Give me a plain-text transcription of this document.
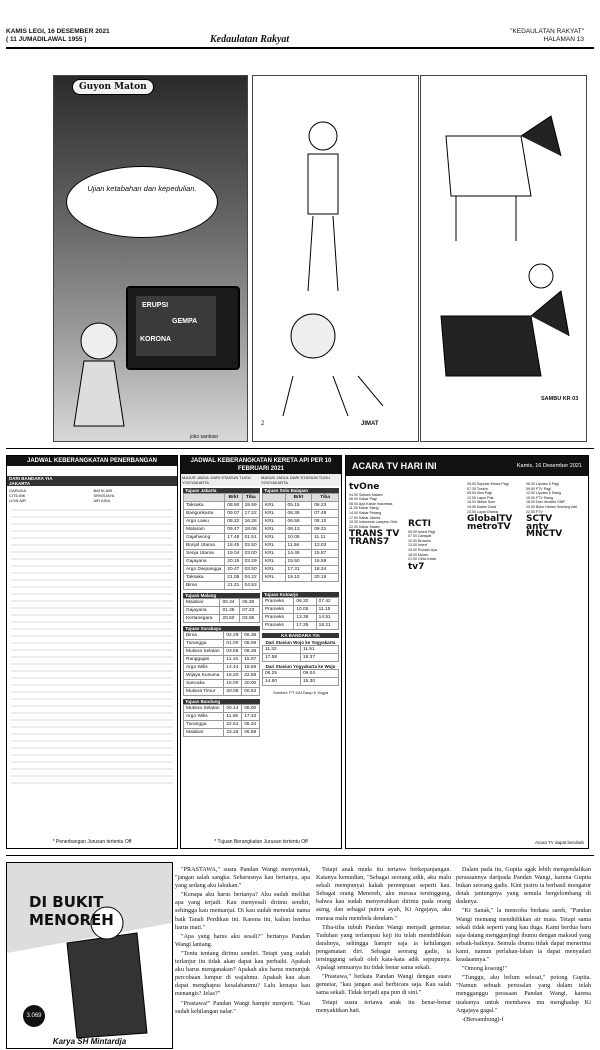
KAMIS LEGI, 16 DESEMBER 2021
( 11 JUMADILAWAL 1955 )	Kedaulatan Rakyat
"KEDAULATAN RAKYAT"
HALAMAN 13
Guyon Maton
Ujian ketabahan dan kepedulian.
ERUPSI
GEMPA
KORONA
joko santoso
JIMAT
2
SAMBU KR 03
JADWAL KEBERANGKATAN PENERBANGAN
DARI BANDARA YIA
JAKARTA
GARUDA
CITILINK
LION AIR
BATIK AIR
SRIWIJAYA
AIR ASIA
* Penerbangan Jurusan tertentu Off
JADWAL KEBERANGKATAN KERETA API PER 10 FEBRUARI 2021
MAJUR JADUL DARI STASIUN TUGU YOGYAKARTA
MASUK JADUL DARI STASIUN TUGU YOGYAKARTA
Tujuan Jakarta
	Brkt	Tiba
Taksaka	08.50	15.59
Bangunkarta	09.07	17.22
Argo Lawu	08.22	16.28
Mataram	09.47	18.08
Gajahwong	17.48	01.51
Bonjol Utama	18.45	02.50
Senja Utama	19.04	03.00
Gajayana	20.15	03.29
Argo Dwipangga	20.47	03.50
Taksaka	21.05	04.22
Bima	21.21	04.53
Tujuan Malang
Malabar	00.34	05.38
Gajayana	01.35	07.23
Kertanegara	20.50	03.06
Tujuan Surabaya
Bima	02.29	06.38
Turangga	01.00	05.09
Mutiara Selatan	03.56	08.38
Ranggajati	11.15	15.07
Argo Wilis	14.44	18.59
Wijaya Kusuma	18.20	22.58
Sancaka	15.00	20.00
Mutiara Timur	20.05	00.53
Tujuan Bandung
Mutiara Selatan	00.14	08.00
Argo Wilis	11.06	17.43
Turangga	22.51	05.34
Malabar	23.28	06.59
Tujuan Solo Balapan
	Brkt	Tiba
KRL	05.15	06.23
KRL	06.38	07.48
KRL	06.59	08.10
KRL	08.13	09.31
KRL	10.05	11.11
KRL	11.56	13.03
KRL	14.49	15.57
KRL	15.50	16.59
KRL	17.31	18.34
KRL	19.10	20.19
Tujuan Kutoarjo
Prameks	06.30	07.42
Prameks	10.05	11.15
Prameks	13.38	14.51
Prameks	17.35	18.21
KA BANDARA YIA
Dari Stasiun Wojo ke Yogyakarta
11.32	11.51
17.58	18.37
Dari Stasiun Yogyakarta ke Wojo
08.25	09.04
14.60	15.30
Sumber: PT KAI Daop 6 Yogya
* Tujuan Berangkatan Jurusan tertentu Off
ACARA TV HARI INI	Kamis, 16 Desember 2021
tvOne
04.00 Sukses Malam
06.00 Kabar Pagi
08.00 Apa Kabar Indonesia
11.00 Kabar Siang
14.00 Kabar Petang
17.00 Kabar Utama
19.30 Indonesia Lawyers Club
22.00 Kabar Malam
TRANS TV
TRANS7
RCTI
05.00 Insert Pagi
07.00 Dahsyat
10.00 Brownis
13.00 Insert
15.00 Rumah Uya
18.00 Mulan
21.00 Cinta Indah
tv7
05.00 Seputar iNews Pagi
07.30 Tonton
09.00 Kiss Pagi
12.00 Lapor Pak
16.00 iNews Sore
19.00 Ikatan Cinta
23.00 Layar Drama
GlobalTV
metroTV
06.00 Liputan 6 Pagi
09.00 FTV Pagi
12.00 Liputan 6 Siang
15.00 FTV Siang
18.00 Dari Jendela SMP
20.00 Buku Harian Seorang Istri
22.00 FTV
SCTV
antv
MNCTV
Acara TV dapat berubah
DI BUKIT MENOREH
3.069
Karya SH Mintardja

"PRASTAWA," suara Pandan Wangi menyentak, "jangan salah sangka. Seharusnya kau bertanya, apa yang sedang aku lakukan."

"Kenapa aku harus bertanya? Aku sudah melihat apa yang terjadi. Kau menyesali dirimu sendiri, sehingga kau memanjat. Di kau sudah menodai nama baik Tanah Perdikan ini. Karena itu, kalian berdua harus mati."

"Apa yang harus aku sesali?" bertanya Pandan Wangi lantang.

"Tentu tentang dirimu sendiri. Tetapi yang sudah terlanjur itu tidak akan dapat kau perbaiki. Apakah aku harus menganakan? Apakah aku harus menunjuk percobaan lumpur di wajahmu. Apakah kau akan dapat menghapus kesalahanmu? Lalu kenapa kau menangis? Jelas?"

"Prastawa!" Pandan Wangi hampir menjerit. "Kau sudah kehilangan nalar."

Tetapi anak muda itu tertawa berkepanjangan. Katanya kemudian, "Sebagai seorang adik, aku malu sekali mempunyai kakak perempuan seperti kau. Sebagai orang Menoreh, aku merasa tersinggung, bahwa kau sudah menyerahkan dirimu pada orang asing, dan sebagai putera ayah, Ki Argajaya, aku merasa malu membela dendam."

Tiba-tiba tubuh Pandan Wangi menjadi gemetar. Tuduhan yang terlampau keji itu telah mendidihkan darahnya, sehingga hampir saja ia kehilangan pengamatan diri. Sebagai seorang gadis, ia tersinggung sekali oleh kata-kata adik sepupunya. Apalagi semuanya itu tidak benar sama sekali.

"Prastawa," berkata Pandan Wangi dengan suara gemetar, "kau jangan asal berbicara saja. Kau salah sama sekali. Tidak terjadi apa pun di sini."

Tetapi suara tertawa anak itu benar-benar menyakitkan hati.

Dalam pada itu, Gupita agak lebih mengendalikan perasaannya daripada Pandan Wangi, karena Gupita bukan seorang gadis. Kini justru ia berhasil mengatur detak jantungnya yang semula bergelombang di dadanya.

"Ki Sanak," la mencoba berkata sareh, "Pandan Wangi memang mendidikkan air mata. Tetapi sama sekali tidak seperti yang kau duga. Kami berdua baru saja datang menggunjingi ibumu dengan maksud yang sebaik-baiknya. Semula ibumu tidak dapat menerima kami, namun perlahan-lahan ia dapat menyadari keadaannya."

"Omong kosong!"

"Tunggu, aku belum selesai," potong Gupita. "Namun sebuah persoalan yang dalam telah mengganggu perasaan Pandan Wangi, karena usahanya untuk membawa mu menghadap Ki Argajaya gagal."

-(Bersambung)-f
